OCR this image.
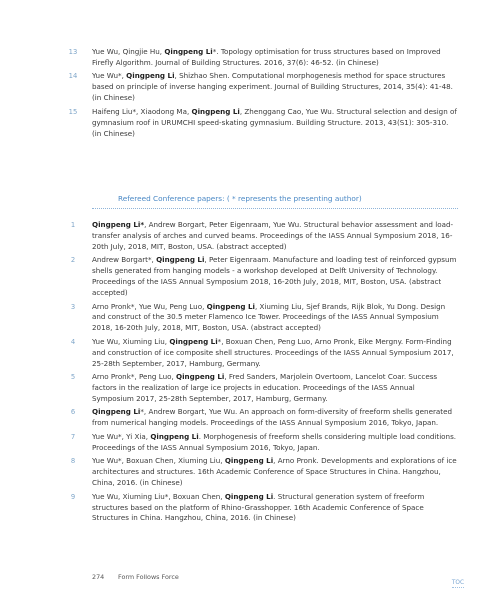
13	Yue Wu, Qingjie Hu, Qingpeng Li*. Topology optimisation for truss structures based on Improved Firefly Algorithm. Journal of Building Structures. 2016, 37(6): 46-52. (in Chinese)
14	Yue Wu*, Qingpeng Li, Shizhao Shen. Computational morphogenesis method for space structures based on principle of inverse hanging experiment. Journal of Building Structures, 2014, 35(4): 41-48. (in Chinese)
15	Haifeng Liu*, Xiaodong Ma, Qingpeng Li, Zhenggang Cao, Yue Wu. Structural selection and design of gymnasium roof in URUMCHI speed-skating gymnasium. Building Structure. 2013, 43(S1): 305-310. (in Chinese)
Refereed Conference papers: ( * represents the presenting author)
1	Qingpeng Li*, Andrew Borgart, Peter Eigenraam, Yue Wu. Structural behavior assessment and load-transfer analysis of arches and curved beams. Proceedings of the IASS Annual Symposium 2018, 16-20th July, 2018, MIT, Boston, USA. (abstract accepted)
2	Andrew Borgart*, Qingpeng Li, Peter Eigenraam. Manufacture and loading test of reinforced gypsum shells generated from hanging models - a workshop developed at Delft University of Technology. Proceedings of the IASS Annual Symposium 2018, 16-20th July, 2018, MIT, Boston, USA. (abstract accepted)
3	Arno Pronk*, Yue Wu, Peng Luo, Qingpeng Li, Xiuming Liu, Sjef Brands, Rijk Blok, Yu Dong. Design and construct of the 30.5 meter Flamenco Ice Tower. Proceedings of the IASS Annual Symposium 2018, 16-20th July, 2018, MIT, Boston, USA. (abstract accepted)
4	Yue Wu, Xiuming Liu, Qingpeng Li*, Boxuan Chen, Peng Luo, Arno Pronk, Eike Mergny. Form-Finding and construction of ice composite shell structures. Proceedings of the IASS Annual Symposium 2017, 25-28th September, 2017, Hamburg, Germany.
5	Arno Pronk*, Peng Luo, Qingpeng Li, Fred Sanders, Marjolein Overtoom, Lancelot Coar. Success factors in the realization of large ice projects in education. Proceedings of the IASS Annual Symposium 2017, 25-28th September, 2017, Hamburg, Germany.
6	Qingpeng Li*, Andrew Borgart, Yue Wu. An approach on form-diversity of freeform shells generated from numerical hanging models. Proceedings of the IASS Annual Symposium 2016, Tokyo, Japan.
7	Yue Wu*, Yi Xia, Qingpeng Li. Morphogenesis of freeform shells considering multiple load conditions. Proceedings of the IASS Annual Symposium 2016, Tokyo, Japan.
8	Yue Wu*, Boxuan Chen, Xiuming Liu, Qingpeng Li, Arno Pronk. Developments and explorations of ice architectures and structures. 16th Academic Conference of Space Structures in China. Hangzhou, China, 2016. (in Chinese)
9	Yue Wu, Xiuming Liu*, Boxuan Chen, Qingpeng Li. Structural generation system of freeform structures based on the platform of Rhino-Grasshopper. 16th Academic Conference of Space Structures in China. Hangzhou, China, 2016. (in Chinese)
274 Form Follows Force
TOC
